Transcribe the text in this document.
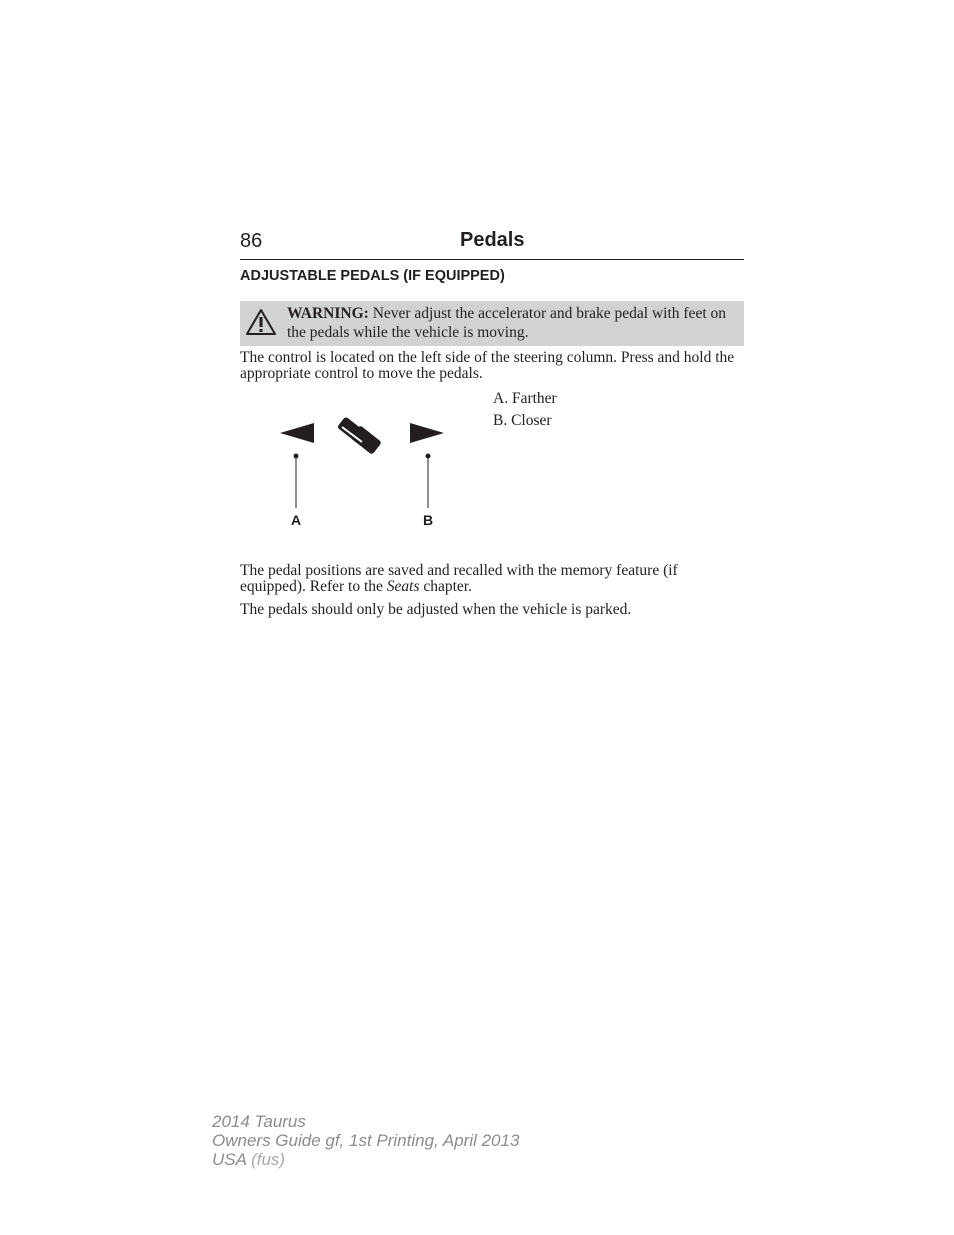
86	Pedals
ADJUSTABLE PEDALS (IF EQUIPPED)
WARNING: Never adjust the accelerator and brake pedal with feet on the pedals while the vehicle is moving.
The control is located on the left side of the steering column. Press and hold the appropriate control to move the pedals.
A. Farther
B. Closer
A	B
The pedal positions are saved and recalled with the memory feature (if equipped). Refer to the Seats chapter.
The pedals should only be adjusted when the vehicle is parked.
2014 Taurus
Owners Guide gf, 1st Printing, April 2013
USA (fus)
